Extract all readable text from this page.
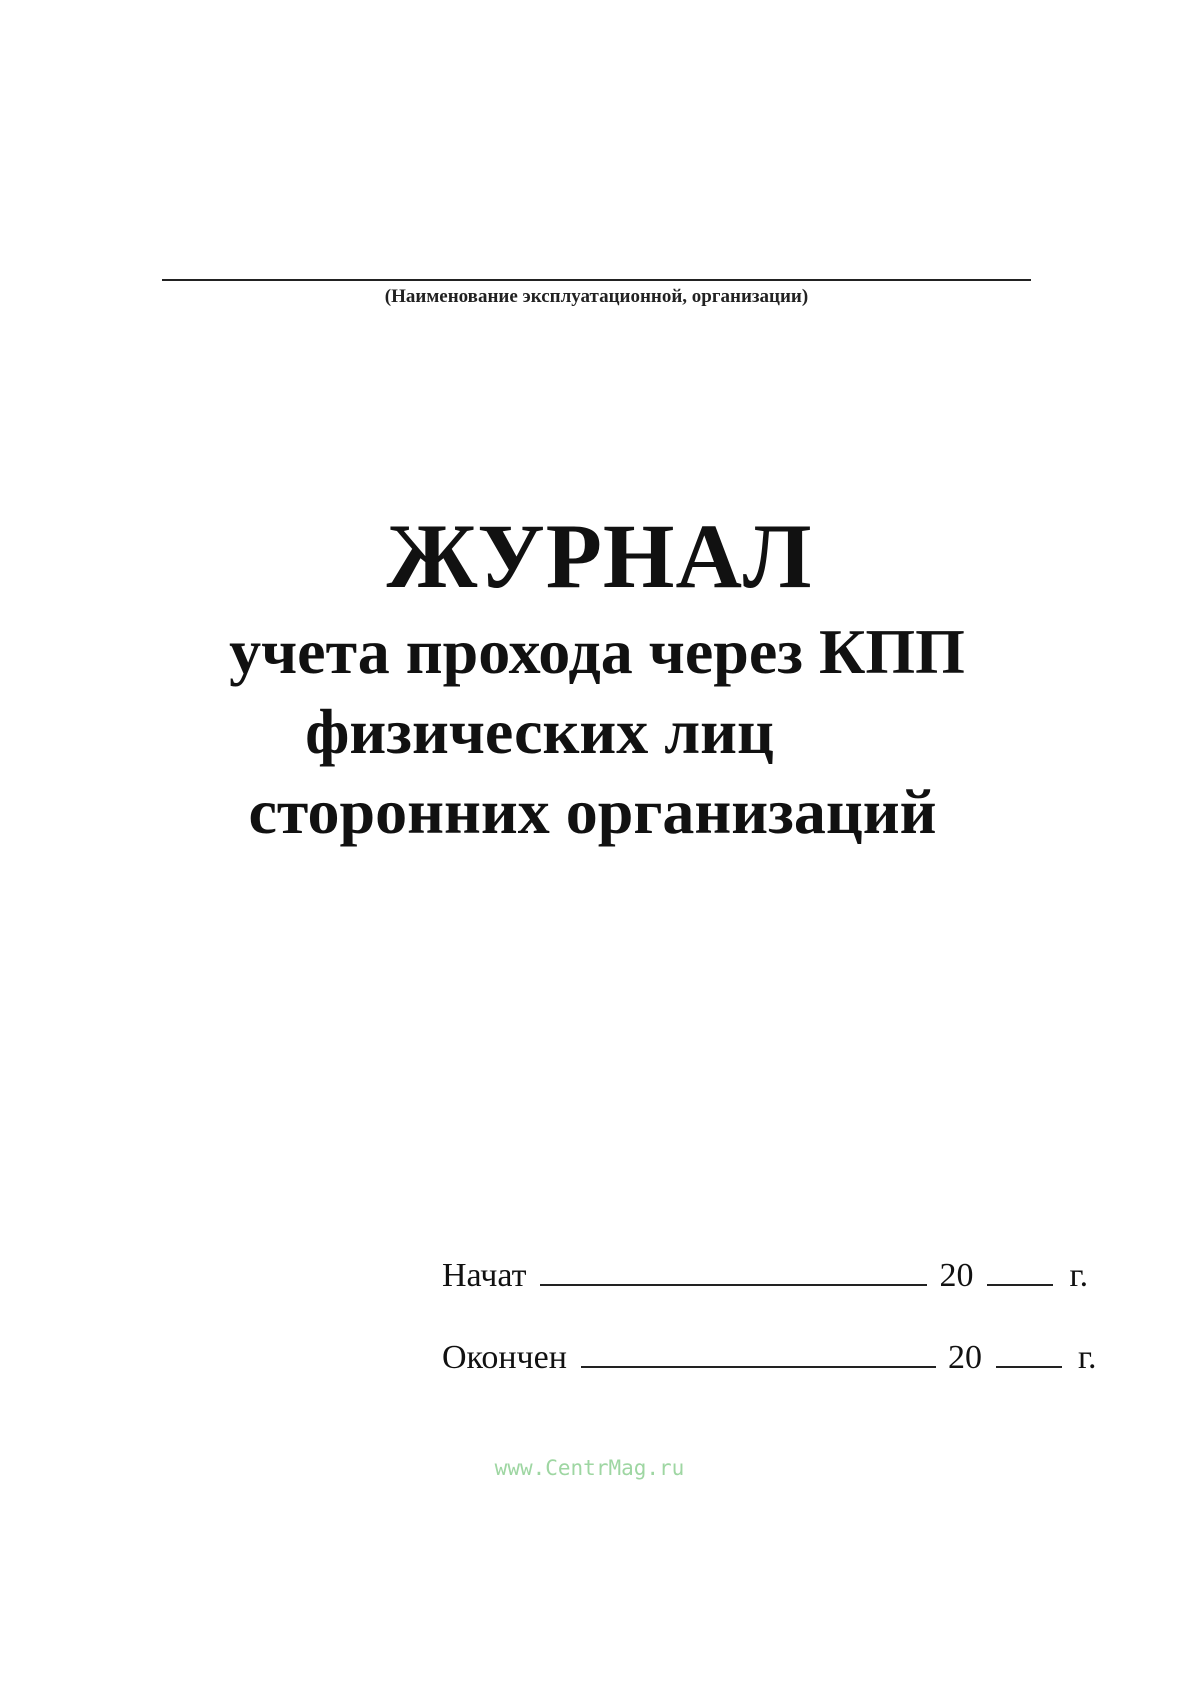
(Наименование эксплуатационной, организации)
ЖУРНАЛ
учета прохода через КПП
физических лиц
сторонних организаций
Начат	20	г.
Окончен	20	г.
www.CentrMag.ru
